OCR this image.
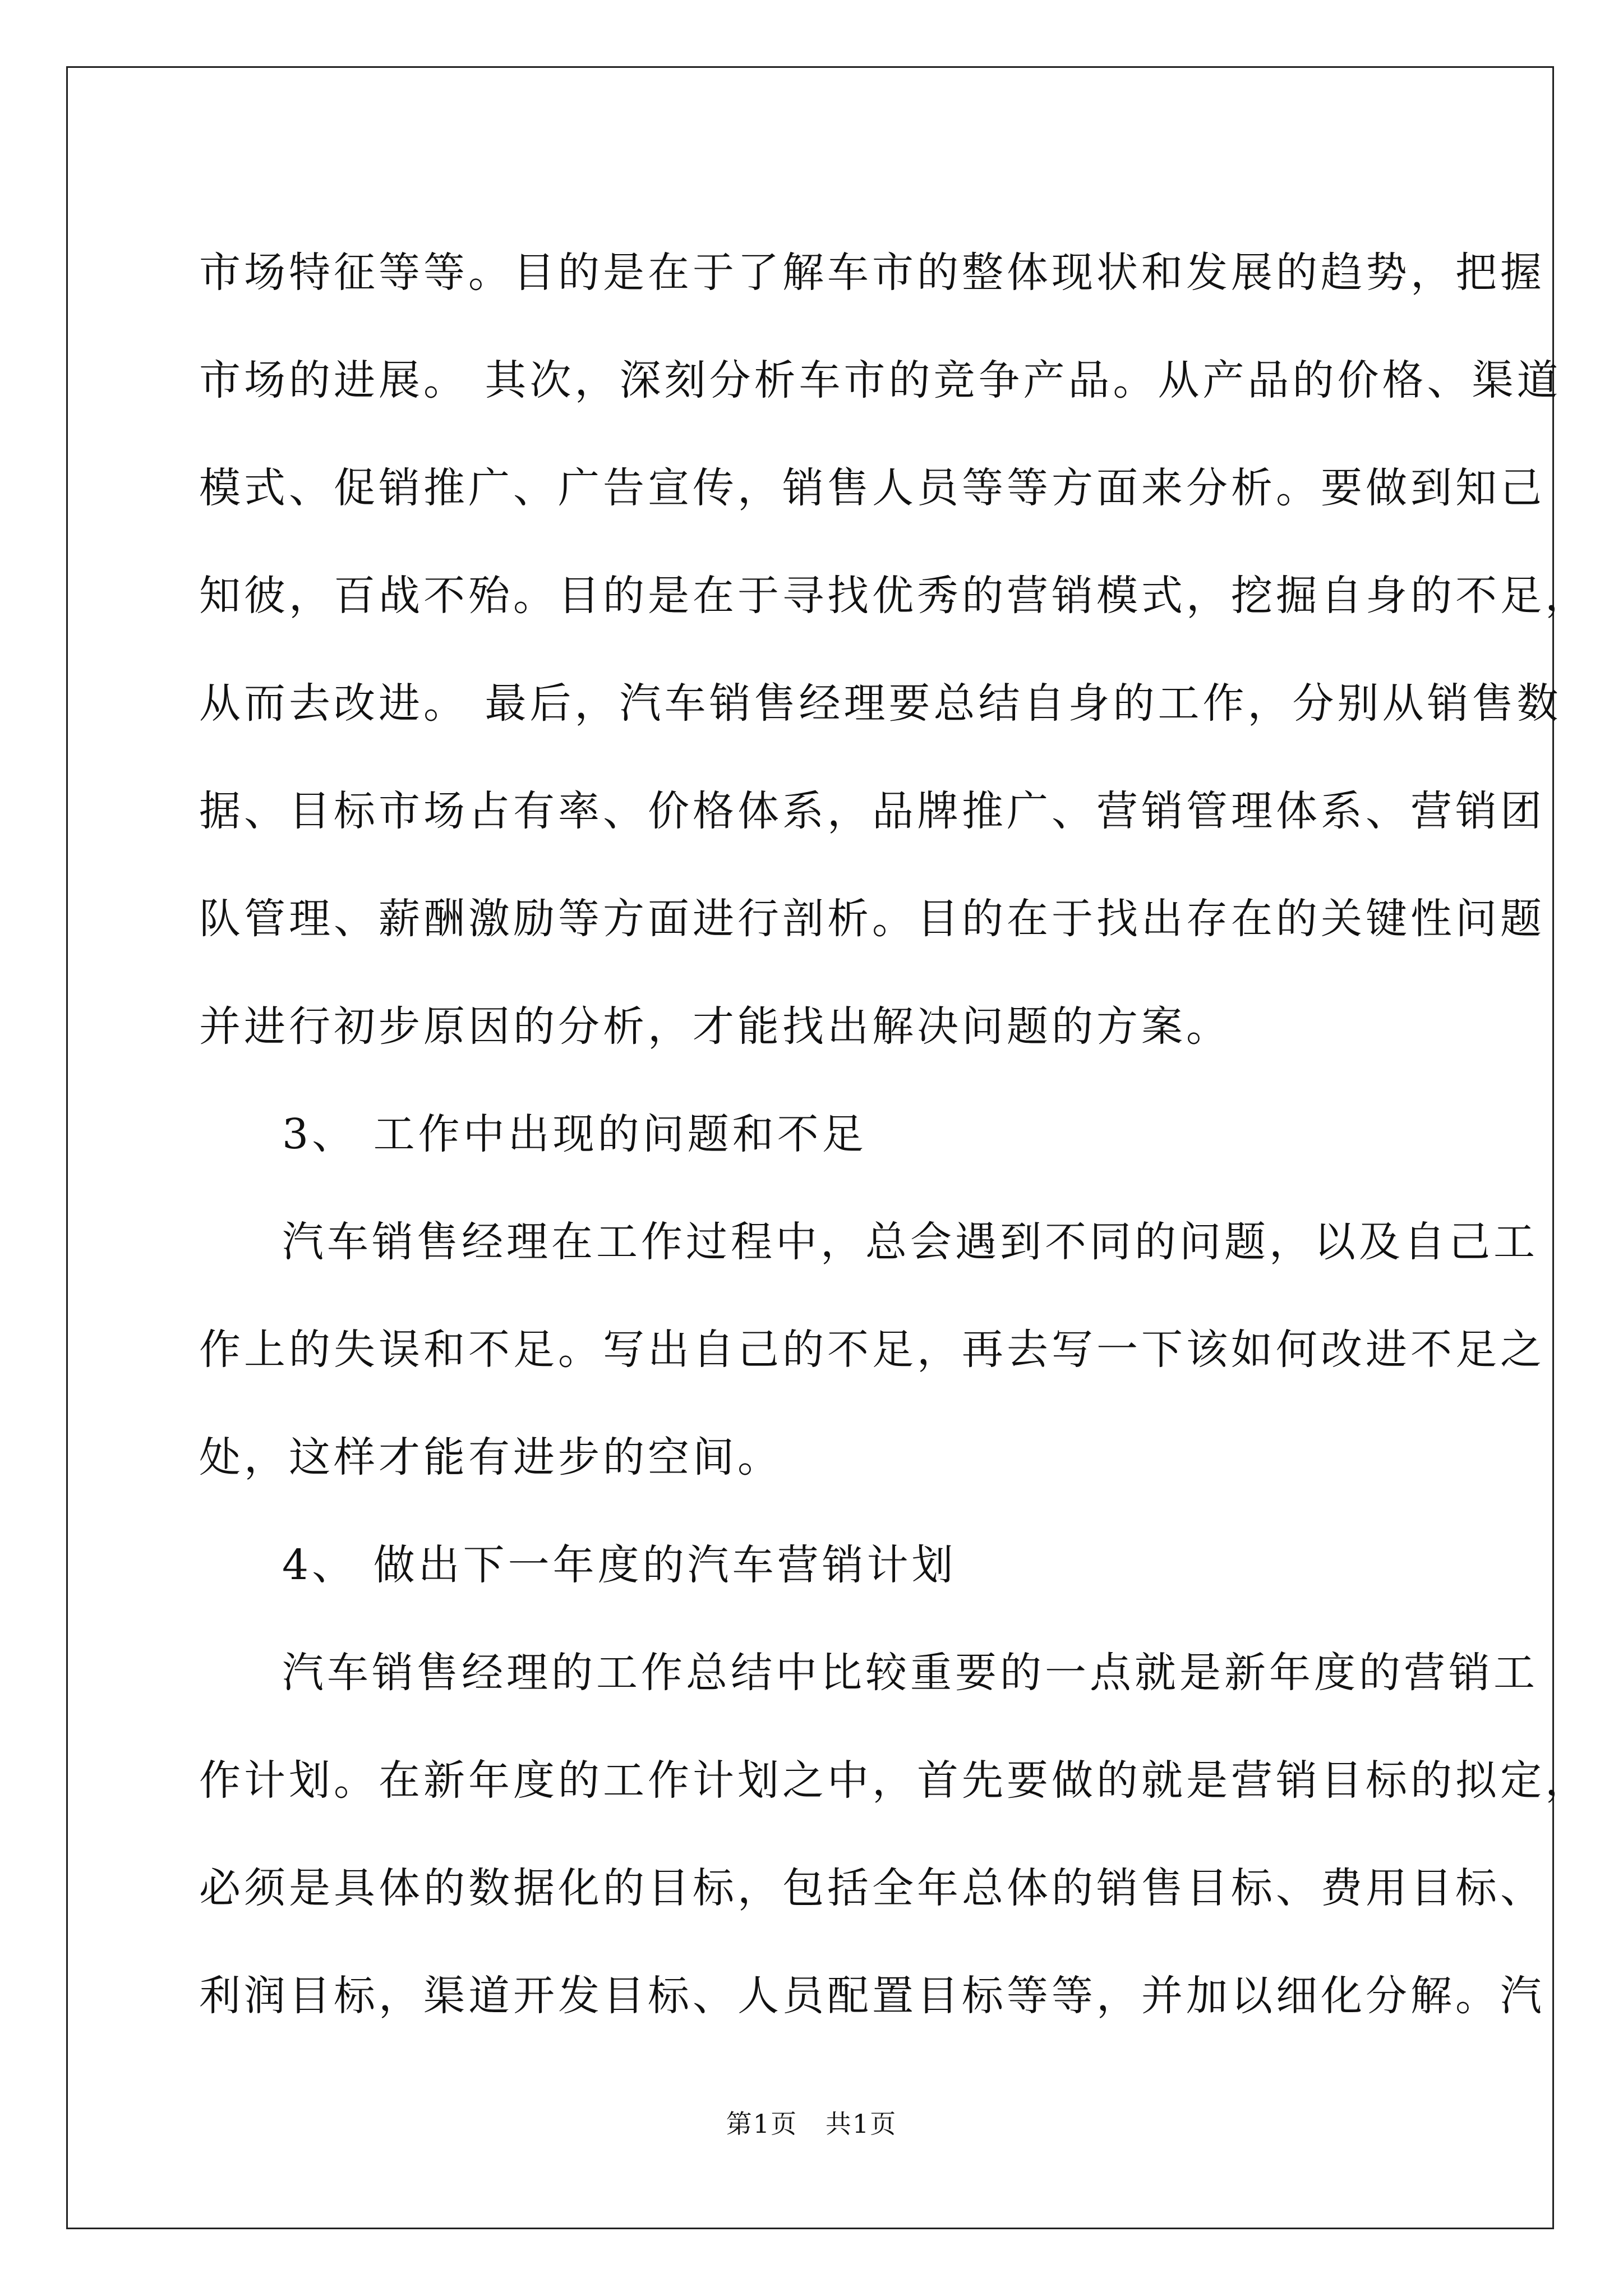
市场特征等等。目的是在于了解车市的整体现状和发展的趋势，把握
市场的进展。 其次，深刻分析车市的竞争产品。从产品的价格、渠道
模式、促销推广、广告宣传，销售人员等等方面来分析。要做到知己
知彼，百战不殆。目的是在于寻找优秀的营销模式，挖掘自身的不足，
从而去改进。 最后，汽车销售经理要总结自身的工作，分别从销售数
据、目标市场占有率、价格体系，品牌推广、营销管理体系、营销团
队管理、薪酬激励等方面进行剖析。目的在于找出存在的关键性问题
并进行初步原因的分析，才能找出解决问题的方案。
3、 工作中出现的问题和不足
汽车销售经理在工作过程中，总会遇到不同的问题，以及自己工
作上的失误和不足。写出自己的不足，再去写一下该如何改进不足之
处，这样才能有进步的空间。
4、 做出下一年度的汽车营销计划
汽车销售经理的工作总结中比较重要的一点就是新年度的营销工
作计划。在新年度的工作计划之中，首先要做的就是营销目标的拟定，
必须是具体的数据化的目标，包括全年总体的销售目标、费用目标、
利润目标，渠道开发目标、人员配置目标等等，并加以细化分解。汽
第1页   共1页
